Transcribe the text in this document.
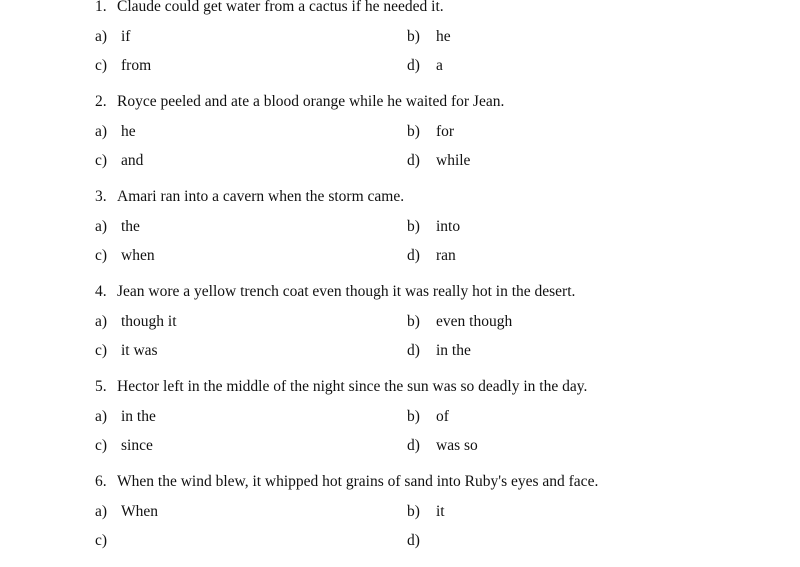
1. Claude could get water from a cactus if he needed it.
a) if	b) he
c) from	d) a
2. Royce peeled and ate a blood orange while he waited for Jean.
a) he	b) for
c) and	d) while
3. Amari ran into a cavern when the storm came.
a) the	b) into
c) when	d) ran
4. Jean wore a yellow trench coat even though it was really hot in the desert.
a) though it	b) even though
c) it was	d) in the
5. Hector left in the middle of the night since the sun was so deadly in the day.
a) in the	b) of
c) since	d) was so
6. When the wind blew, it whipped hot grains of sand into Ruby's eyes and face.
a) When	b) it
c)	d)
